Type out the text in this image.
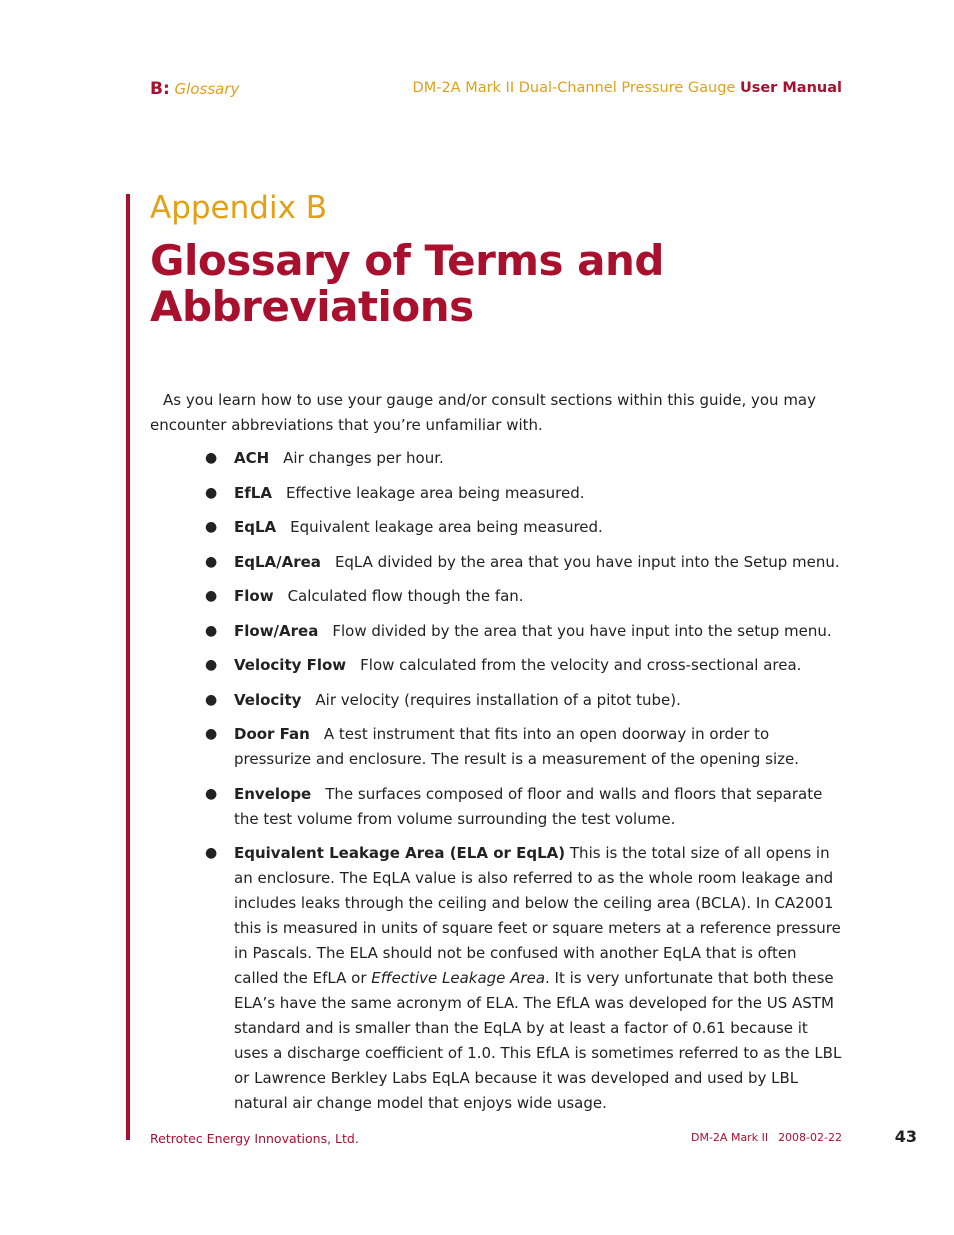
B: Glossary	DM-2A Mark II Dual-Channel Pressure Gauge User Manual
Appendix B
Glossary of Terms and Abbreviations

As you learn how to use your gauge and/or consult sections within this guide, you may encounter abbreviations that you’re unfamiliar with.

● ACH Air changes per hour.
● EfLA Effective leakage area being measured.
● EqLA Equivalent leakage area being measured.
● EqLA/Area EqLA divided by the area that you have input into the Setup menu.
● Flow Calculated flow though the fan.
● Flow/Area Flow divided by the area that you have input into the setup menu.
● Velocity Flow Flow calculated from the velocity and cross-sectional area.
● Velocity Air velocity (requires installation of a pitot tube).
● Door Fan A test instrument that fits into an open doorway in order to pressurize and enclosure. The result is a measurement of the opening size.
● Envelope The surfaces composed of floor and walls and floors that separate the test volume from volume surrounding the test volume.
● Equivalent Leakage Area (ELA or EqLA) This is the total size of all opens in an enclosure. The EqLA value is also referred to as the whole room leakage and includes leaks through the ceiling and below the ceiling area (BCLA). In CA2001 this is measured in units of square feet or square meters at a reference pressure in Pascals. The ELA should not be confused with another EqLA that is often called the EfLA or Effective Leakage Area. It is very unfortunate that both these ELA’s have the same acronym of ELA. The EfLA was developed for the US ASTM standard and is smaller than the EqLA by at least a factor of 0.61 because it uses a discharge coefficient of 1.0. This EfLA is sometimes referred to as the LBL or Lawrence Berkley Labs EqLA because it was developed and used by LBL natural air change model that enjoys wide usage.
Retrotec Energy Innovations, Ltd.	DM-2A Mark II 2008-02-22	43
